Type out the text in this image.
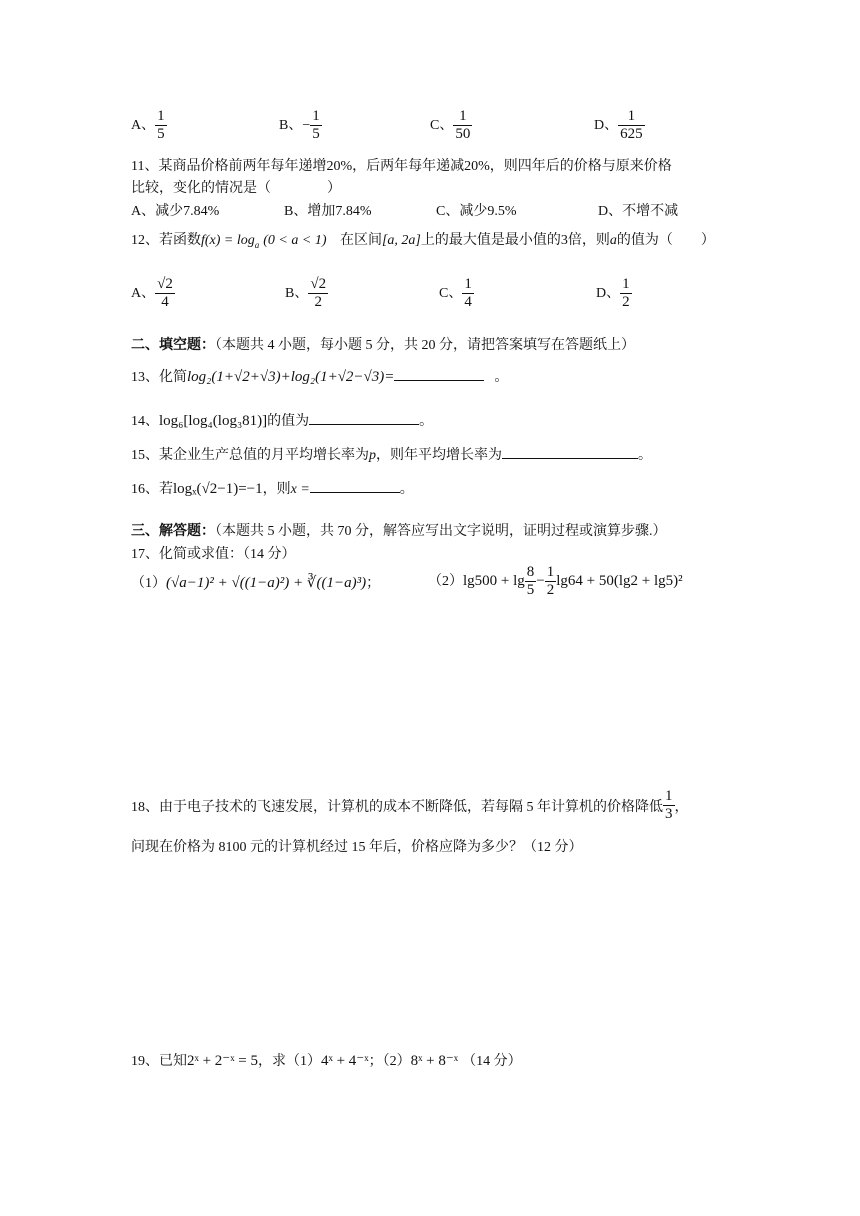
A、 $\frac{1}{5}$	B、− $\frac{1}{5}$	C、 $\frac{1}{50}$	D、 $\frac{1}{625}$
11、某商品价格前两年每年递增20%，后两年每年递减20%，则四年后的价格与原来价格
比较，变化的情况是（　　　　）
A、减少7.84%	B、增加7.84%	C、减少9.5%	D、不增不减
12、若函数$f(x) = \log_a (0 < a < 1)$ 在区间[a, 2a]上的最大值是最小值的3倍，则a的值为（　　）
A、 $\frac{√2}{4}$	B、 $\frac{√2}{2}$	C、 $\frac{1}{4}$	D、 $\frac{1}{2}$
二、填空题：（本题共 4 小题，每小题 5 分，共 20 分，请把答案填写在答题纸上）
13、化简log₂(1+√2+√3)+log₂(1+√2−√3)=	。
14、log₆[log₄(log₃81)]的值为	。
15、某企业生产总值的月平均增长率为p，则年平均增长率为	。
16、若logₓ(√2−1)=−1，则x =	。
三、解答题：（本题共 5 小题，共 70 分，解答应写出文字说明，证明过程或演算步骤.）
17、化简或求值：（14 分）
（1）(√a−1)² + √((1−a)²) + ∛((1−a)³)；	$(2)\lg 500 + \lg \frac{8}{5} - \frac{1}{2} \lg 64 + 50(\lg 2 + \lg 5)^2$
18、由于电子技术的飞速发展，计算机的成本不断降低，若每隔 5 年计算机的价格降低 $\frac{1}{3}$ ，
问现在价格为 8100 元的计算机经过 15 年后，价格应降为多少？（12 分）
19、已知2ˣ + 2⁻ˣ = 5，求（1）4ˣ + 4⁻ˣ；（2）8ˣ + 8⁻ˣ （14 分）
